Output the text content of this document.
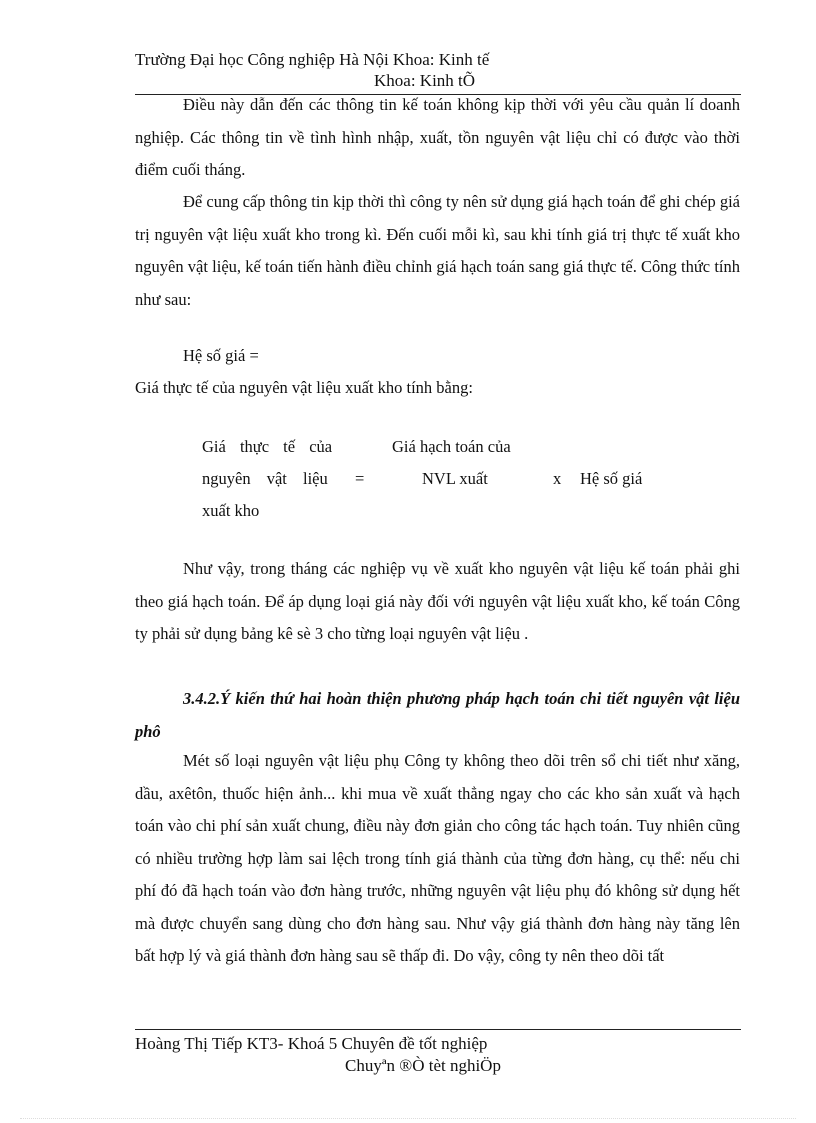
Trường Đại học Công nghiệp Hà Nội Khoa: Kinh tế
Khoa: Kinh tÕ
Điều này dẫn đến các thông tin kế toán không kịp thời với yêu cầu quản lí doanh nghiệp. Các thông tin về tình hình nhập, xuất, tồn nguyên vật liệu chỉ có được vào thời điểm cuối tháng.
Để cung cấp thông tin kịp thời thì công ty nên sử dụng giá hạch toán để ghi chép giá trị nguyên vật liệu xuất kho trong kì. Đến cuối mỗi kì, sau khi tính giá trị thực tế xuất kho nguyên vật liệu, kế toán tiến hành điều chỉnh giá hạch toán sang giá thực tế. Công thức tính như sau:
Hệ số giá =
Giá thực tế của nguyên vật liệu xuất kho tính bằng:
Giá thực tế của
nguyên vật liệu
xuất kho
=
Giá hạch toán của
NVL xuất	x Hệ số giá
Như vậy, trong tháng các nghiệp vụ về xuất kho nguyên vật liệu kế toán phải ghi theo giá hạch toán. Để áp dụng loại giá này đối với nguyên vật liệu xuất kho, kế toán Công ty phải sử dụng bảng kê sè 3 cho từng loại nguyên vật liệu .
3.4.2.Ý kiến thứ hai hoàn thiện phương pháp hạch toán chi tiết nguyên vật liệu phô
Mét số loại nguyên vật liệu phụ Công ty không theo dõi trên sổ chi tiết như xăng, dầu, axêtôn, thuốc hiện ảnh... khi mua về xuất thẳng ngay cho các kho sản xuất và hạch toán vào chi phí sản xuất chung, điều này đơn giản cho công tác hạch toán. Tuy nhiên cũng có nhiều trường hợp làm sai lệch trong tính giá thành của từng đơn hàng, cụ thể: nếu chi phí đó đã hạch toán vào đơn hàng trước, những nguyên vật liệu phụ đó không sử dụng hết mà được chuyển sang dùng cho đơn hàng sau. Như vậy giá thành đơn hàng này tăng lên bất hợp lý và giá thành đơn hàng sau sẽ thấp đi. Do vậy, công ty nên theo dõi tất
Hoàng Thị Tiếp KT3- Khoá 5 Chuyên đề tốt nghiệp
Chuyªn ®Ò tèt nghiÖp
